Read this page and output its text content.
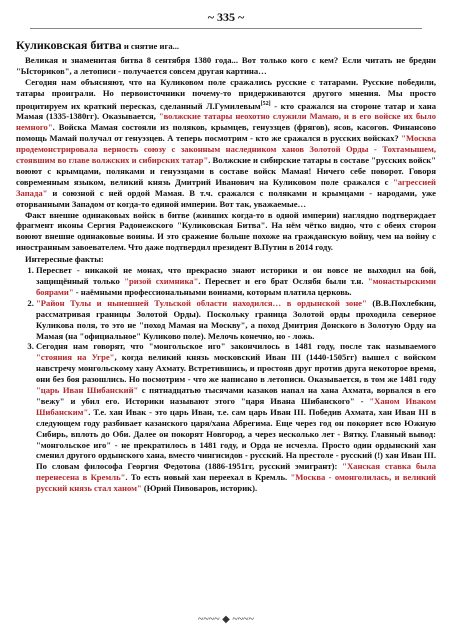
~ 335 ~
Куликовская битва и снятие ига...

Великая и знаменитая битва 8 сентября 1380 года... Вот только кого с кем? Если читать не бредни "Ысториков", а летописи - получается совсем другая картина…

Сегодня нам объясняют, что на Куликовом поле сражались русские с татарами. Русские победили, татары проиграли. Но первоисточники почему-то придерживаются другого мнения. Мы просто процитируем их краткий пересказ, сделанный Л.Гумилевым[52] - кто сражался на стороне татар и хана Мамая (1335-1380гг). Оказывается, "волжские татары неохотно служили Мамаю, и в его войске их было немного". Войска Мамая состояли из поляков, крымцев, генуэзцев (фрягов), ясов, касогов. Финансово помощь Мамай получал от генуэзцев. А теперь посмотрим - кто же сражался в русских войсках? "Москва продемонстрировала верность союзу с законным наследником ханов Золотой Орды - Тохтамышем, стоявшим во главе волжских и сибирских татар". Волжские и сибирские татары в составе "русских войск" воюют с крымцами, поляками и генуэзцами в составе войск Мамая! Ничего себе поворот. Говоря современным языком, великий князь Дмитрий Иванович на Куликовом поле сражался с "агрессией Запада" и союзной с ней ордой Мамая. В т.ч. сражался с поляками и крымцами - народами, уже оторванными Западом от когда-то единой империи. Вот так, уважаемые…

Факт внешне одинаковых войск в битве (живших когда-то в одной империи) наглядно подтверждает фрагмент иконы Сергия Радонежского "Куликовская Битва". На нём чётко видно, что с обеих сторон воюют внешне одинаковые воины. И это сражение больше похоже на гражданскую войну, чем на войну с иностранным завоевателем. Что даже подтвердил президент В.Путин в 2014 году.

Интересные факты:

1. Пересвет - никакой не монах, что прекрасно знают историки и он вовсе не выходил на бой, защищённый только "ризой схимника". Пересвет и его брат Ослябя были т.н. "монастырскими боярами" - наёмными профессиональными воинами, которым платила церковь.
2. "Район Тулы и нынешней Тульской области находился… в ордынской зоне" (В.В.Похлебкин, рассматривая границы Золотой Орды). Поскольку граница Золотой орды проходила северное Куликова поля, то это не "поход Мамая на Москву", а поход Дмитрия Донского в Золотую Орду на Мамая (на "официальное" Куликово поле). Мелочь конечно, но - ложь.
3. Сегодня нам говорят, что "монгольское иго" закончилось в 1481 году, после так называемого "стояния на Угре", когда великий князь московский Иван III (1440-1505гг) вышел с войском навстречу монгольскому хану Ахмату. Встретившись, и простояв друг против друга некоторое время, они без боя разошлись. Но посмотрим - что же написано в летописи. Оказывается, в том же 1481 году "царь Иван Шибанский" с пятнадцатью тысячами казаков напал на хана Ахмата, ворвался в его "вежу" и убил его. Историки называют этого "царя Ивана Шибанского" - "Ханом Ивaком Шибанским". Т.е. хан Ивак - это царь Иван, т.е. сам царь Иван III. Победив Ахмата, хан Иван III в следующем году разбивает казанского царя/хана Абрегима. Еще через год он покоряет всю Южную Сибирь, вплоть до Оби. Далее он покорят Новгород, а через несколько лет - Вятку. Главный вывод: "монгольское иго" - не прекратилось в 1481 году, и Орда не исчезла. Просто один ордынский хан сменил другого ордынского хана, вместо чингисидов - русский. На престоле - русский (!) хан Иван III. По словам философа Георгия Федотова (1886-1951гг, русский эмигрант): "Ханская ставка была перенесена в Кремль". То есть новый хан переехал в Кремль. "Москва - омонголилась, и великий русский князь стал ханом" (Юрий Пивоваров, историк).
~~~~ ◆ ~~~~
